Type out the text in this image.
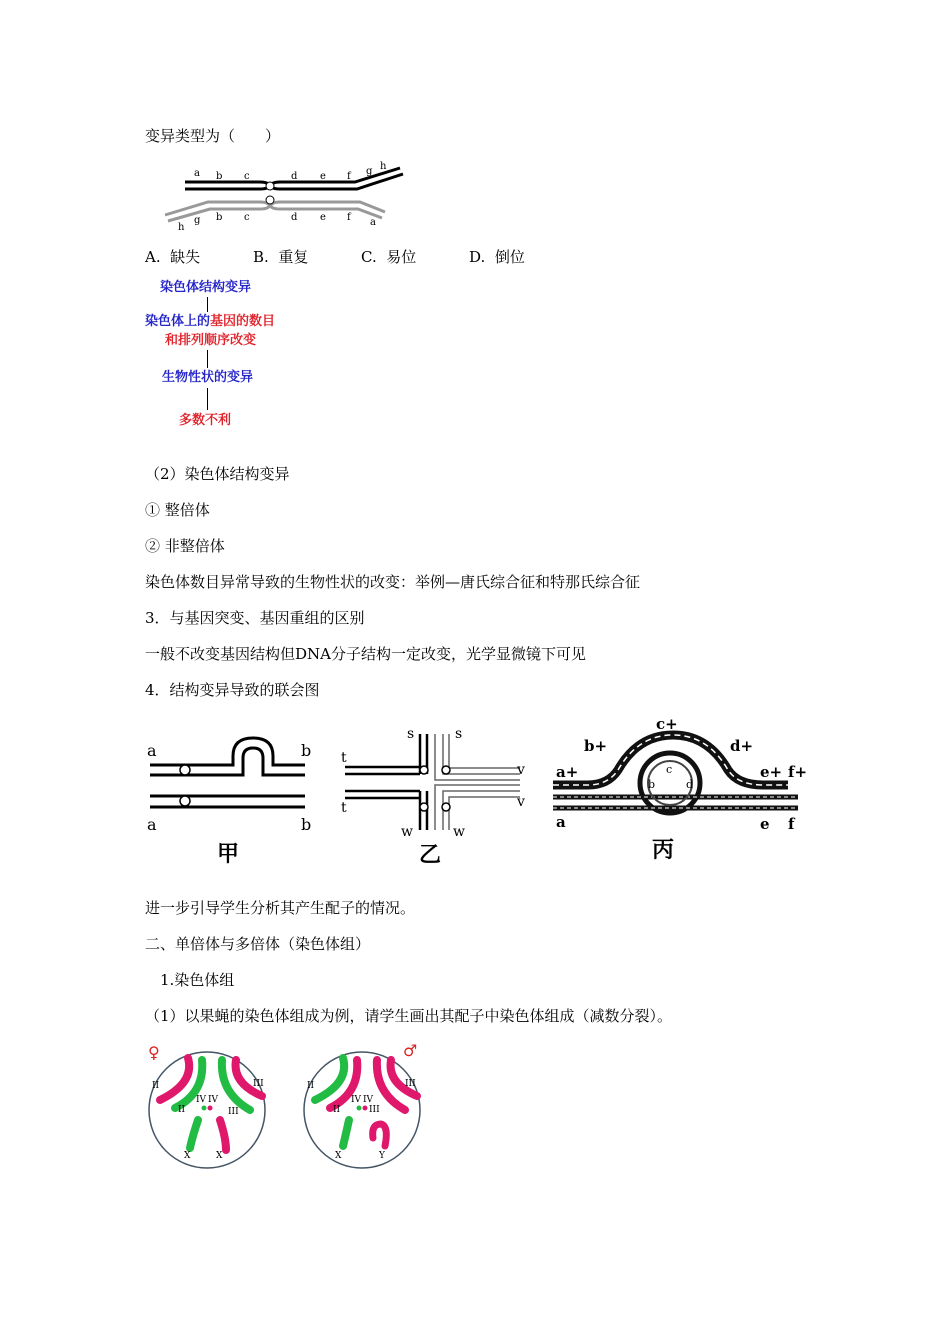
变异类型为（　　）
a b c	d e f g h
h
g b c	d e f a
A. 缺失	B. 重复	C. 易位	D. 倒位
染色体结构变异
染色体上的基因的数目
和排列顺序改变
生物性状的变异
多数不利
（2）染色体结构变异
① 整倍体
② 非整倍体
染色体数目异常导致的生物性状的改变：举例—唐氏综合征和特那氏综合征
3．与基因突变、基因重组的区别
一般不改变基因结构但DNA分子结构一定改变，光学显微镜下可见
4．结构变异导致的联会图
a	b
a	b
甲
s	s
t
v
t	v
w	w
乙
c+
b+	d+
a+	e+ f+
c
b	d
a	e f
丙
进一步引导学生分析其产生配子的情况。
二、单倍体与多倍体（染色体组）
1.染色体组
（1）以果蝇的染色体组成为例，请学生画出其配子中染色体组成（减数分裂）。
♀
II
IV IV
III
II	III
X	X
♂
II
IV IV
III
II	III
X	Y
